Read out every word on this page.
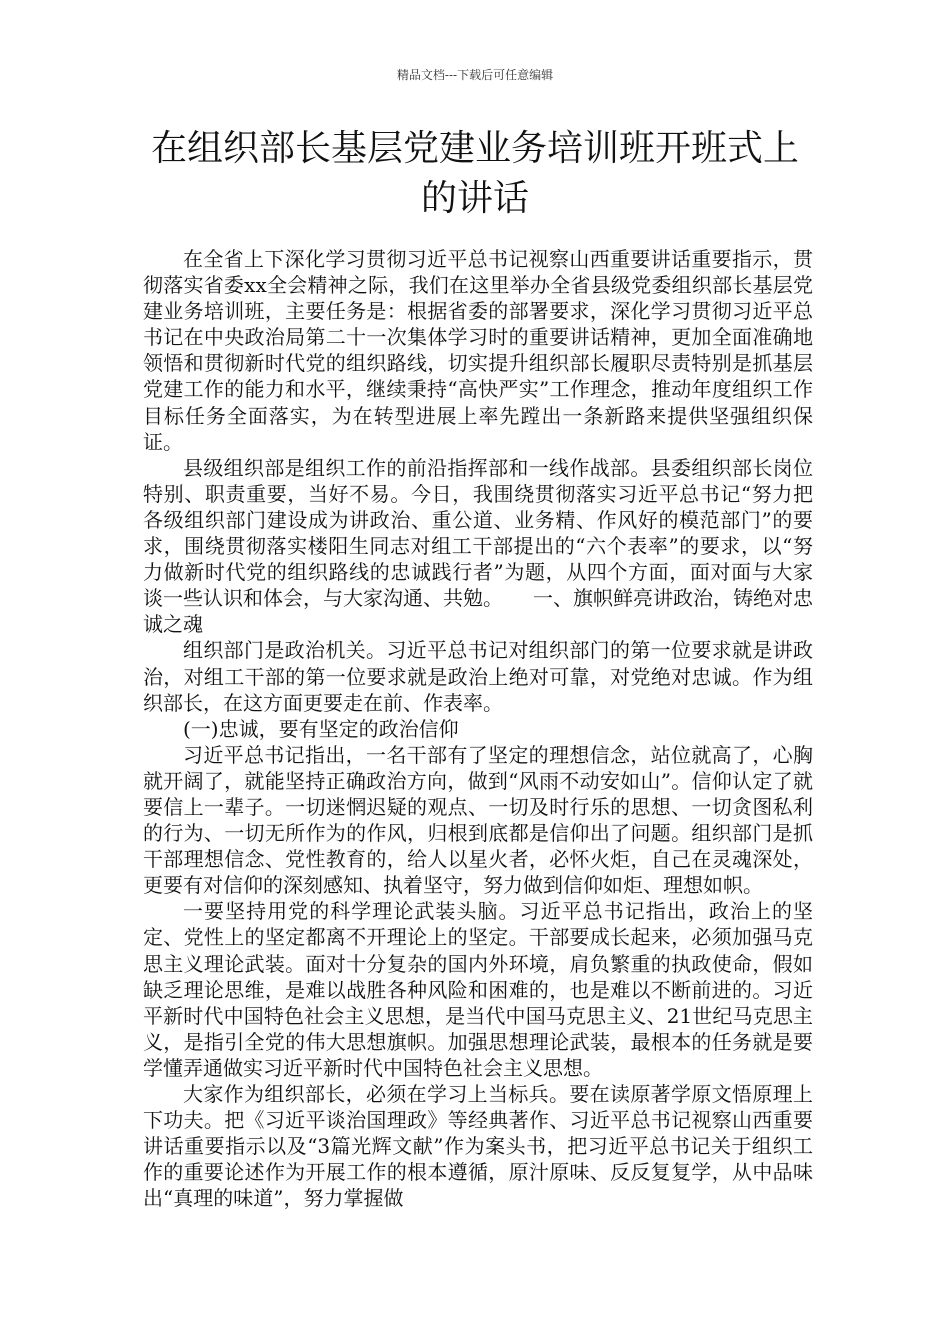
精品文档---下载后可任意编辑
在组织部长基层党建业务培训班开班式上的讲话

在全省上下深化学习贯彻习近平总书记视察山西重要讲话重要指示，贯彻落实省委xx全会精神之际，我们在这里举办全省县级党委组织部长基层党建业务培训班，主要任务是：根据省委的部署要求，深化学习贯彻习近平总书记在中央政治局第二十一次集体学习时的重要讲话精神，更加全面准确地领悟和贯彻新时代党的组织路线，切实提升组织部长履职尽责特别是抓基层党建工作的能力和水平，继续秉持“高快严实”工作理念，推动年度组织工作目标任务全面落实，为在转型进展上率先蹚出一条新路来提供坚强组织保证。

县级组织部是组织工作的前沿指挥部和一线作战部。县委组织部长岗位特别、职责重要，当好不易。今日，我围绕贯彻落实习近平总书记“努力把各级组织部门建设成为讲政治、重公道、业务精、作风好的模范部门”的要求，围绕贯彻落实楼阳生同志对组工干部提出的“六个表率”的要求，以“努力做新时代党的组织路线的忠诚践行者”为题，从四个方面，面对面与大家谈一些认识和体会，与大家沟通、共勉。　　一、旗帜鲜亮讲政治，铸绝对忠诚之魂

组织部门是政治机关。习近平总书记对组织部门的第一位要求就是讲政治，对组工干部的第一位要求就是政治上绝对可靠，对党绝对忠诚。作为组织部长，在这方面更要走在前、作表率。

(一)忠诚，要有坚定的政治信仰

习近平总书记指出，一名干部有了坚定的理想信念，站位就高了，心胸就开阔了，就能坚持正确政治方向，做到“风雨不动安如山”。信仰认定了就要信上一辈子。一切迷惘迟疑的观点、一切及时行乐的思想、一切贪图私利的行为、一切无所作为的作风，归根到底都是信仰出了问题。组织部门是抓干部理想信念、党性教育的，给人以星火者，必怀火炬，自己在灵魂深处，更要有对信仰的深刻感知、执着坚守，努力做到信仰如炬、理想如帜。

一要坚持用党的科学理论武装头脑。习近平总书记指出，政治上的坚定、党性上的坚定都离不开理论上的坚定。干部要成长起来，必须加强马克思主义理论武装。面对十分复杂的国内外环境，肩负繁重的执政使命，假如缺乏理论思维，是难以战胜各种风险和困难的，也是难以不断前进的。习近平新时代中国特色社会主义思想，是当代中国马克思主义、21世纪马克思主义，是指引全党的伟大思想旗帜。加强思想理论武装，最根本的任务就是要学懂弄通做实习近平新时代中国特色社会主义思想。

大家作为组织部长，必须在学习上当标兵。要在读原著学原文悟原理上下功夫。把《习近平谈治国理政》等经典著作、习近平总书记视察山西重要讲话重要指示以及“3篇光辉文献”作为案头书，把习近平总书记关于组织工作的重要论述作为开展工作的根本遵循，原汁原味、反反复复学，从中品味出“真理的味道”，努力掌握做
